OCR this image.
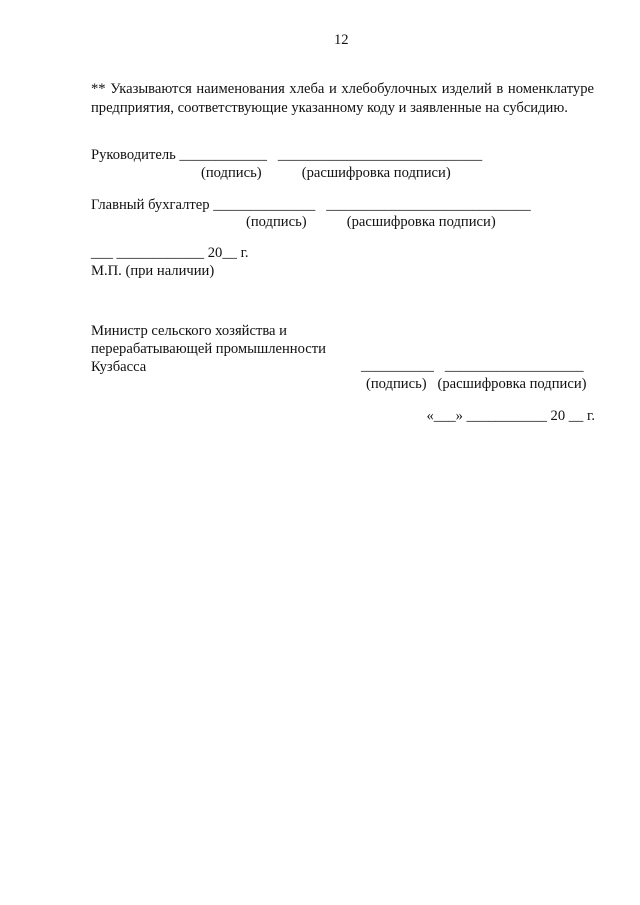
12
** Указываются наименования хлеба и хлебобулочных изделий в номенклатуре предприятия, соответствующие указанному коду и заявленные на субсидию.
Руководитель ____________   ____________________________
(подпись)           (расшифровка подписи)
Главный бухгалтер ______________   ____________________________
(подпись)           (расшифровка подписи)
___ ____________ 20__ г.
М.П. (при наличии)
Министр сельского хозяйства и
перерабатывающей промышленности
Кузбасса	__________   ___________________
(подпись)   (расшифровка подписи)
«___» ___________ 20 __ г.
